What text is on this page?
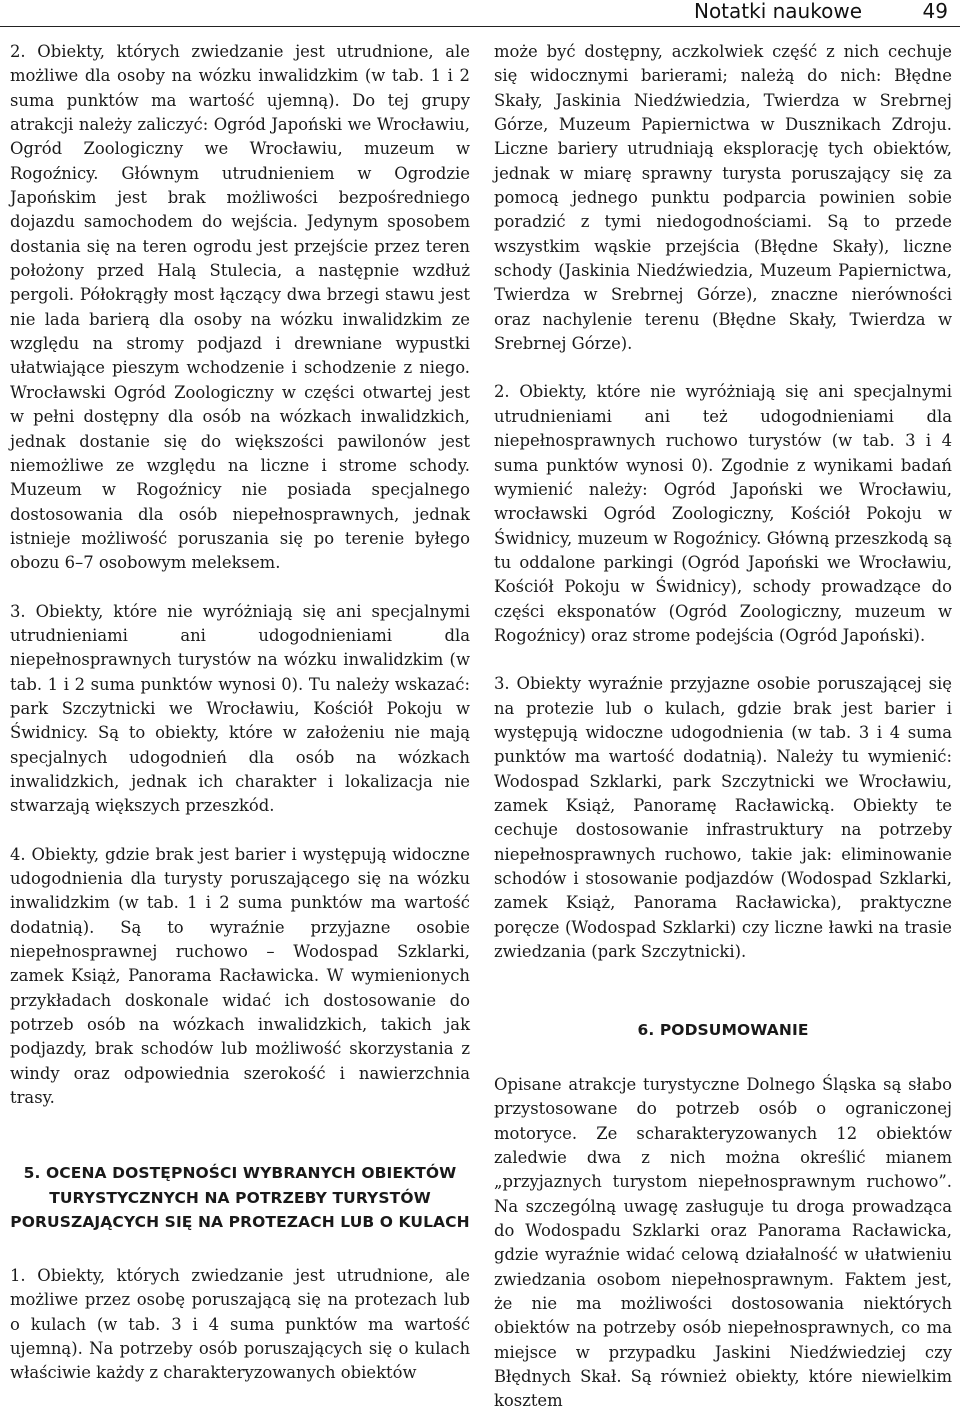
Notatki naukowe	49

2. Obiekty, których zwiedzanie jest utrudnione, ale możliwe dla osoby na wózku inwalidzkim (w tab. 1 i 2 suma punktów ma wartość ujemną). Do tej grupy atrakcji należy zaliczyć: Ogród Japoński we Wrocławiu, Ogród Zoologiczny we Wrocławiu, muzeum w Rogoźnicy. Głównym utrudnieniem w Ogrodzie Japońskim jest brak możliwości bezpośredniego dojazdu samochodem do wejścia. Jedynym sposobem dostania się na teren ogrodu jest przejście przez teren położony przed Halą Stulecia, a następnie wzdłuż pergoli. Półokrągły most łączący dwa brzegi stawu jest nie lada barierą dla osoby na wózku inwalidzkim ze względu na stromy podjazd i drewniane wypustki ułatwiające pieszym wchodzenie i schodzenie z niego. Wrocławski Ogród Zoologiczny w części otwartej jest w pełni dostępny dla osób na wózkach inwalidzkich, jednak dostanie się do większości pawilonów jest niemożliwe ze względu na liczne i strome schody. Muzeum w Rogoźnicy nie posiada specjalnego dostosowania dla osób niepełnosprawnych, jednak istnieje możliwość poruszania się po terenie byłego obozu 6–7 osobowym meleksem.

3. Obiekty, które nie wyróżniają się ani specjalnymi utrudnieniami ani udogodnieniami dla niepełnosprawnych turystów na wózku inwalidzkim (w tab. 1 i 2 suma punktów wynosi 0). Tu należy wskazać: park Szczytnicki we Wrocławiu, Kościół Pokoju w Świdnicy. Są to obiekty, które w założeniu nie mają specjalnych udogodnień dla osób na wózkach inwalidzkich, jednak ich charakter i lokalizacja nie stwarzają większych przeszkód.

4. Obiekty, gdzie brak jest barier i występują widoczne udogodnienia dla turysty poruszającego się na wózku inwalidzkim (w tab. 1 i 2 suma punktów ma wartość dodatnią). Są to wyraźnie przyjazne osobie niepełnosprawnej ruchowo – Wodospad Szklarki, zamek Książ, Panorama Racławicka. W wymienionych przykładach doskonale widać ich dostosowanie do potrzeb osób na wózkach inwalidzkich, takich jak podjazdy, brak schodów lub możliwość skorzystania z windy oraz odpowiednia szerokość i nawierzchnia trasy.

5. OCENA DOSTĘPNOŚCI WYBRANYCH OBIEKTÓW TURYSTYCZNYCH NA POTRZEBY TURYSTÓW PORUSZAJĄCYCH SIĘ NA PROTEZACH LUB O KULACH

1. Obiekty, których zwiedzanie jest utrudnione, ale możliwe przez osobę poruszającą się na protezach lub o kulach (w tab. 3 i 4 suma punktów ma wartość ujemną). Na potrzeby osób poruszających się o kulach właściwie każdy z charakteryzowanych obiektów

może być dostępny, aczkolwiek część z nich cechuje się widocznymi barierami; należą do nich: Błędne Skały, Jaskinia Niedźwiedzia, Twierdza w Srebrnej Górze, Muzeum Papiernictwa w Dusznikach Zdroju. Liczne bariery utrudniają eksplorację tych obiektów, jednak w miarę sprawny turysta poruszający się za pomocą jednego punktu podparcia powinien sobie poradzić z tymi niedogodnościami. Są to przede wszystkim wąskie przejścia (Błędne Skały), liczne schody (Jaskinia Niedźwiedzia, Muzeum Papiernictwa, Twierdza w Srebrnej Górze), znaczne nierówności oraz nachylenie terenu (Błędne Skały, Twierdza w Srebrnej Górze).

2. Obiekty, które nie wyróżniają się ani specjalnymi utrudnieniami ani też udogodnieniami dla niepełnosprawnych ruchowo turystów (w tab. 3 i 4 suma punktów wynosi 0). Zgodnie z wynikami badań wymienić należy: Ogród Japoński we Wrocławiu, wrocławski Ogród Zoologiczny, Kościół Pokoju w Świdnicy, muzeum w Rogoźnicy. Główną przeszkodą są tu oddalone parkingi (Ogród Japoński we Wrocławiu, Kościół Pokoju w Świdnicy), schody prowadzące do części eksponatów (Ogród Zoologiczny, muzeum w Rogoźnicy) oraz strome podejścia (Ogród Japoński).

3. Obiekty wyraźnie przyjazne osobie poruszającej się na protezie lub o kulach, gdzie brak jest barier i występują widoczne udogodnienia (w tab. 3 i 4 suma punktów ma wartość dodatnią). Należy tu wymienić: Wodospad Szklarki, park Szczytnicki we Wrocławiu, zamek Książ, Panoramę Racławicką. Obiekty te cechuje dostosowanie infrastruktury na potrzeby niepełnosprawnych ruchowo, takie jak: eliminowanie schodów i stosowanie podjazdów (Wodospad Szklarki, zamek Książ, Panorama Racławicka), praktyczne poręcze (Wodospad Szklarki) czy liczne ławki na trasie zwiedzania (park Szczytnicki).

6. PODSUMOWANIE

Opisane atrakcje turystyczne Dolnego Śląska są słabo przystosowane do potrzeb osób o ograniczonej motoryce. Ze scharakteryzowanych 12 obiektów zaledwie dwa z nich można określić mianem „przyjaznych turystom niepełnosprawnym ruchowo”. Na szczególną uwagę zasługuje tu droga prowadząca do Wodospadu Szklarki oraz Panorama Racławicka, gdzie wyraźnie widać celową działalność w ułatwieniu zwiedzania osobom niepełnosprawnym. Faktem jest, że nie ma możliwości dostosowania niektórych obiektów na potrzeby osób niepełnosprawnych, co ma miejsce w przypadku Jaskini Niedźwiedziej czy Błędnych Skał. Są również obiekty, które niewielkim kosztem
